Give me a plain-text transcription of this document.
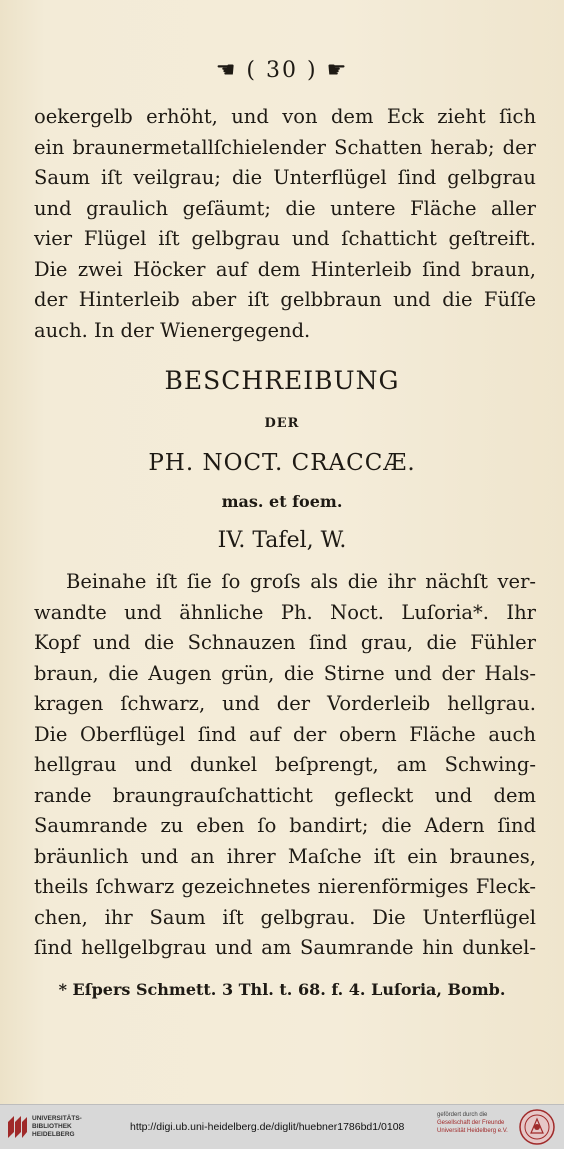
☚ ( 30 ) ☛
oekergelb erhöht, und von dem Eck zieht ſich
ein braunermetallſchielender Schatten herab; der
Saum iſt veilgrau; die Unterflügel ſind gelbgrau
und graulich geſäumt; die untere Fläche aller
vier Flügel iſt gelbgrau und ſchatticht geſtreift.
Die zwei Höcker auf dem Hinterleib ſind braun,
der Hinterleib aber iſt gelbbraun und die Füſſe
auch. In der Wienergegend.
BESCHREIBUNG
DER
PH. NOCT. CRACCÆ.
mas. et foem.
IV. Tafel, W.
Beinahe iſt ſie ſo groſs als die ihr nächſt ver-
wandte und ähnliche Ph. Noct. Luſoria*. Ihr
Kopf und die Schnauzen ſind grau, die Fühler
braun, die Augen grün, die Stirne und der Hals-
kragen ſchwarz, und der Vorderleib hellgrau.
Die Oberflügel ſind auf der obern Fläche auch
hellgrau und dunkel beſprengt, am Schwing-
rande braungrauſchatticht gefleckt und dem
Saumrande zu eben ſo bandirt; die Adern ſind
bräunlich und an ihrer Maſche iſt ein braunes,
theils ſchwarz gezeichnetes nierenförmiges Fleck-
chen, ihr Saum iſt gelbgrau. Die Unterflügel
ſind hellgelbgrau und am Saumrande hin dunkel-
* Eſpers Schmett. 3 Thl. t. 68. f. 4. Luſoria, Bomb.
UNIVERSITÄTS-
BIBLIOTHEK
HEIDELBERG
http://digi.ub.uni-heidelberg.de/diglit/huebner1786bd1/0108
gefördert durch die
Gesellschaft der Freunde
Universität Heidelberg e.V.
